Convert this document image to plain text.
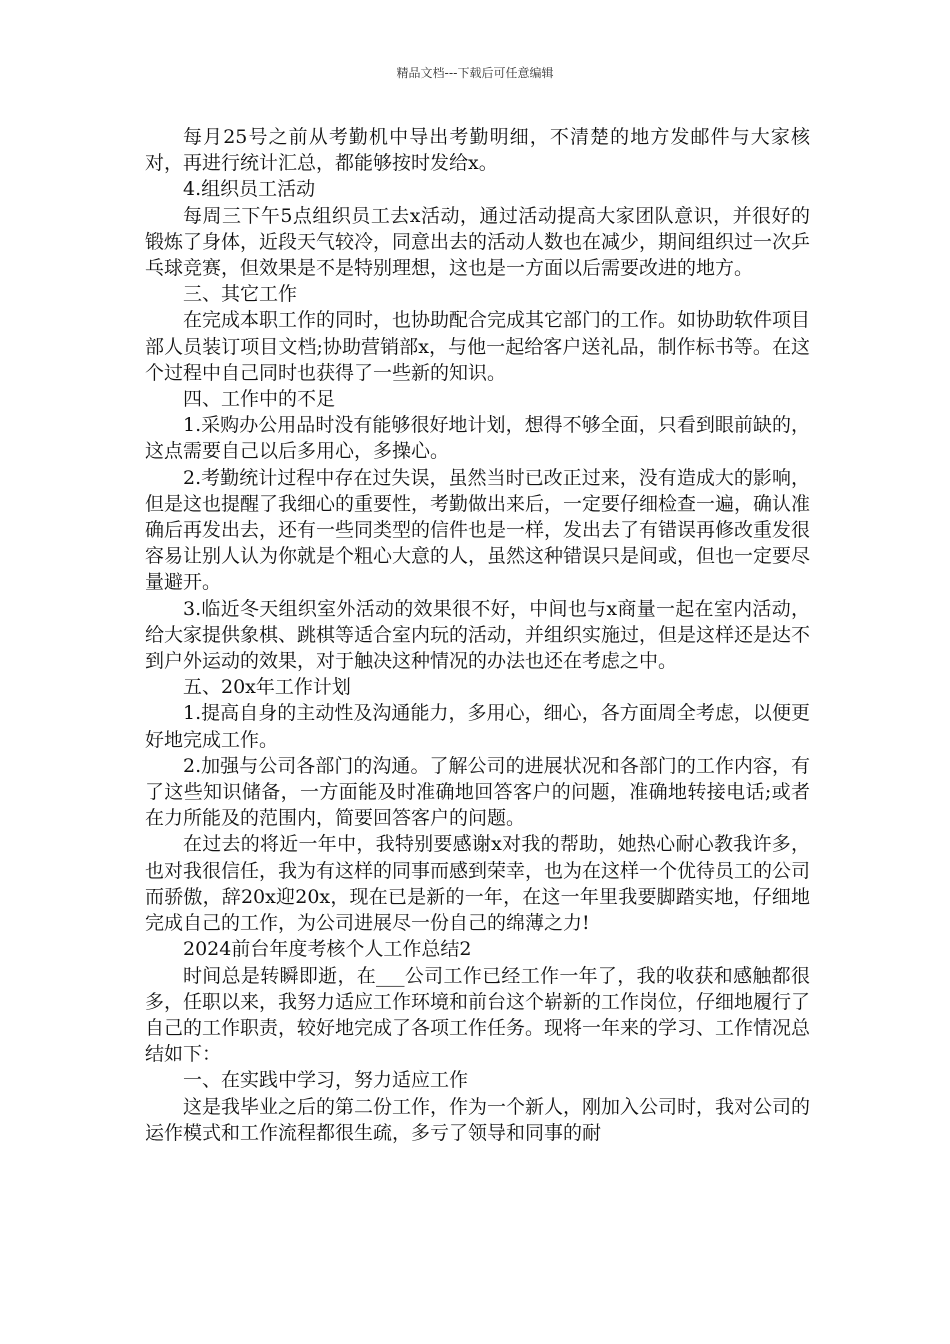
精品文档---下载后可任意编辑

每月25号之前从考勤机中导出考勤明细，不清楚的地方发邮件与大家核对，再进行统计汇总，都能够按时发给x。

4.组织员工活动

每周三下午5点组织员工去x活动，通过活动提高大家团队意识，并很好的锻炼了身体，近段天气较冷，同意出去的活动人数也在减少，期间组织过一次乒乓球竞赛，但效果是不是特别理想，这也是一方面以后需要改进的地方。

三、其它工作

在完成本职工作的同时，也协助配合完成其它部门的工作。如协助软件项目部人员装订项目文档;协助营销部x，与他一起给客户送礼品，制作标书等。在这个过程中自己同时也获得了一些新的知识。

四、工作中的不足

1.采购办公用品时没有能够很好地计划，想得不够全面，只看到眼前缺的，这点需要自己以后多用心，多操心。

2.考勤统计过程中存在过失误，虽然当时已改正过来，没有造成大的影响，但是这也提醒了我细心的重要性，考勤做出来后，一定要仔细检查一遍，确认准确后再发出去，还有一些同类型的信件也是一样，发出去了有错误再修改重发很容易让别人认为你就是个粗心大意的人，虽然这种错误只是间或，但也一定要尽量避开。

3.临近冬天组织室外活动的效果很不好，中间也与x商量一起在室内活动，给大家提供象棋、跳棋等适合室内玩的活动，并组织实施过，但是这样还是达不到户外运动的效果，对于触决这种情况的办法也还在考虑之中。

五、20x年工作计划

1.提高自身的主动性及沟通能力，多用心，细心，各方面周全考虑，以便更好地完成工作。

2.加强与公司各部门的沟通。了解公司的进展状况和各部门的工作内容，有了这些知识储备，一方面能及时准确地回答客户的问题，准确地转接电话;或者在力所能及的范围内，简要回答客户的问题。

在过去的将近一年中，我特别要感谢x对我的帮助，她热心耐心教我许多，也对我很信任，我为有这样的同事而感到荣幸，也为在这样一个优待员工的公司而骄傲，辞20x迎20x，现在已是新的一年，在这一年里我要脚踏实地，仔细地完成自己的工作，为公司进展尽一份自己的绵薄之力!

2024前台年度考核个人工作总结2

时间总是转瞬即逝，在___公司工作已经工作一年了，我的收获和感触都很多，任职以来，我努力适应工作环境和前台这个崭新的工作岗位，仔细地履行了自己的工作职责，较好地完成了各项工作任务。现将一年来的学习、工作情况总结如下：

一、在实践中学习，努力适应工作

这是我毕业之后的第二份工作，作为一个新人，刚加入公司时，我对公司的运作模式和工作流程都很生疏，多亏了领导和同事的耐
